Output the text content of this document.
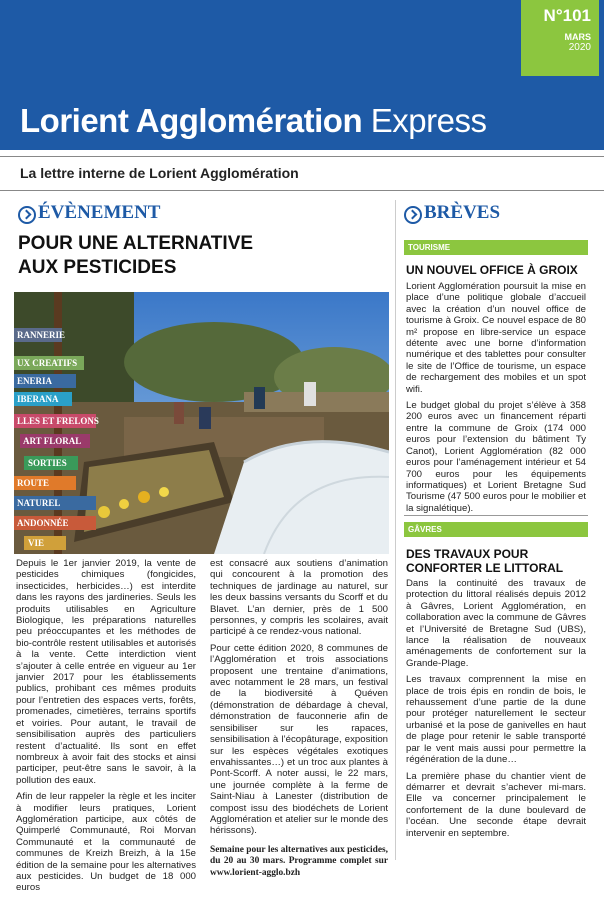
N°101
MARS
2020
Lorient Agglomération Express
La lettre interne de Lorient Agglomération
ÉVÈNEMENT
POUR UNE ALTERNATIVE
AUX PESTICIDES
RANNERIE
UX CREATIFS
ENERIA
IBERANA
LLES ET FRELONS
ART FLORAL
SORTIES
ROUTE
NATUREL
ANDONNÉE
VIE

Depuis le 1er janvier 2019, la vente de pesticides chimiques (fongicides, insecticides, herbicides…) est interdite dans les rayons des jardineries. Seuls les produits utilisables en Agriculture Biologique, les préparations naturelles peu préoccupantes et les méthodes de bio-contrôle restent utilisables et autorisés à la vente. Cette interdiction vient s’ajouter à celle entrée en vigueur au 1er janvier 2017 pour les établissements publics, prohibant ces mêmes produits pour l’entretien des espaces verts, forêts, promenades, cimetières, terrains sportifs et voiries. Pour autant, le travail de sensibilisation auprès des particuliers restent d’actualité. Ils sont en effet nombreux à avoir fait des stocks et ainsi participer, peut-être sans le savoir, à la pollution des eaux.

Afin de leur rappeler la règle et les inciter à modifier leurs pratiques, Lorient Agglomération participe, aux côtés de Quimperlé Communauté, Roi Morvan Communauté et la communauté de communes de Kreizh Breizh, à la 15e édition de la semaine pour les alternatives aux pesticides. Un budget de 18 000 euros

est consacré aux soutiens d’animation qui concourent à la promotion des techniques de jardinage au naturel, sur les deux bassins versants du Scorff et du Blavet. L’an dernier, près de 1 500 personnes, y compris les scolaires, avait participé à ce rendez-vous national.

Pour cette édition 2020, 8 communes de l’Agglomération et trois associations proposent une trentaine d’animations, avec notamment le 28 mars, un festival de la biodiversité à Quéven (démonstration de débardage à cheval, démonstration de fauconnerie afin de sensibiliser sur les rapaces, sensibilisation à l’écopâturage, exposition sur les espèces végétales exotiques envahissantes…) et un troc aux plantes à Pont-Scorff. A noter aussi, le 22 mars, une journée complète à la ferme de Saint-Niau à Lanester (distribution de compost issu des biodéchets de Lorient Agglomération et atelier sur le monde des hérissons).

Semaine pour les alternatives aux pesticides, du 20 au 30 mars. Programme complet sur www.lorient-agglo.bzh

BRÈVES
TOURISME
UN NOUVEL OFFICE À GROIX

Lorient Agglomération poursuit la mise en place d’une politique globale d’accueil avec la création d’un nouvel office de tourisme à Groix. Ce nouvel espace de 80 m² propose en libre-service un espace détente avec une borne d’information numérique et des tablettes pour consulter le site de l’Office de tourisme, un espace de rechargement des mobiles et un spot wifi.

Le budget global du projet s’élève à 358 200 euros avec un financement réparti entre la commune de Groix (174 000 euros pour l’extension du bâtiment Ty Canot), Lorient Agglomération (82 000 euros pour l’aménagement intérieur et 54 700 euros pour les équipements informatiques) et Lorient Bretagne Sud Tourisme (47 500 euros pour le mobilier et la signalétique).

GÂVRES
DES TRAVAUX POUR
CONFORTER LE LITTORAL

Dans la continuité des travaux de protection du littoral réalisés depuis 2012 à Gâvres, Lorient Agglomération, en collaboration avec la commune de Gâvres et l’Université de Bretagne Sud (UBS), lance la réalisation de nouveaux aménagements de confortement sur la Grande-Plage.

Les travaux comprennent la mise en place de trois épis en rondin de bois, le rehaussement d’une partie de la dune pour protéger naturellement le secteur urbanisé et la pose de ganivelles en haut de plage pour retenir le sable transporté par le vent mais aussi pour permettre la régénération de la dune…

La première phase du chantier vient de démarrer et devrait s’achever mi-mars. Elle va concerner principalement le confortement de la dune boulevard de l’océan. Une seconde étape devrait intervenir en septembre.
